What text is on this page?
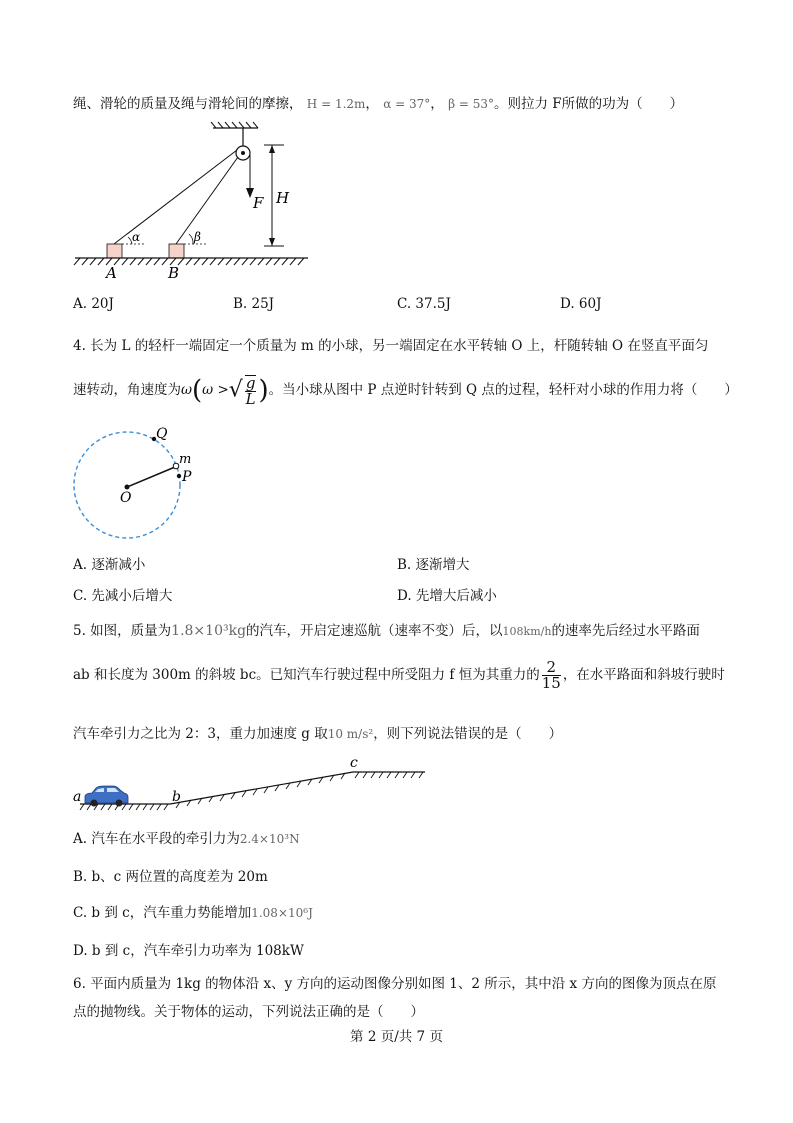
绳、滑轮的质量及绳与滑轮间的摩擦， H = 1.2m， α = 37°， β = 53°。则拉力 F所做的功为（　　）
F H
α	β
A	B
A. 20J	B. 25J	C. 37.5J	D. 60J
4. 长为 L 的轻杆一端固定一个质量为 m 的小球，另一端固定在水平转轴 O 上，杆随转轴 O 在竖直平面匀
速转动，角速度为ω(ω >√ $\frac{g}{L}$ )。当小球从图中 P 点逆时针转到 Q 点的过程，轻杆对小球的作用力将（　　）
Q
m
P
O
A. 逐渐减小	B. 逐渐增大
C. 先减小后增大	D. 先增大后减小
5. 如图，质量为1.8×10³kg的汽车，开启定速巡航（速率不变）后，以108km/h的速率先后经过水平路面
ab 和长度为 300m 的斜坡 bc。已知汽车行驶过程中所受阻力 f 恒为其重力的 $\frac{2}{15}$ ，在水平路面和斜坡行驶时
汽车牵引力之比为 2：3，重力加速度 g 取10 m/s²，则下列说法错误的是（　　）
a	b
c
A. 汽车在水平段的牵引力为2.4×10³N
B. b、c 两位置的高度差为 20m
C. b 到 c，汽车重力势能增加1.08×10⁶J
D. b 到 c，汽车牵引力功率为 108kW
6. 平面内质量为 1kg 的物体沿 x、y 方向的运动图像分别如图 1、2 所示，其中沿 x 方向的图像为顶点在原
点的抛物线。关于物体的运动，下列说法正确的是（　　）
第 2 页/共 7 页
